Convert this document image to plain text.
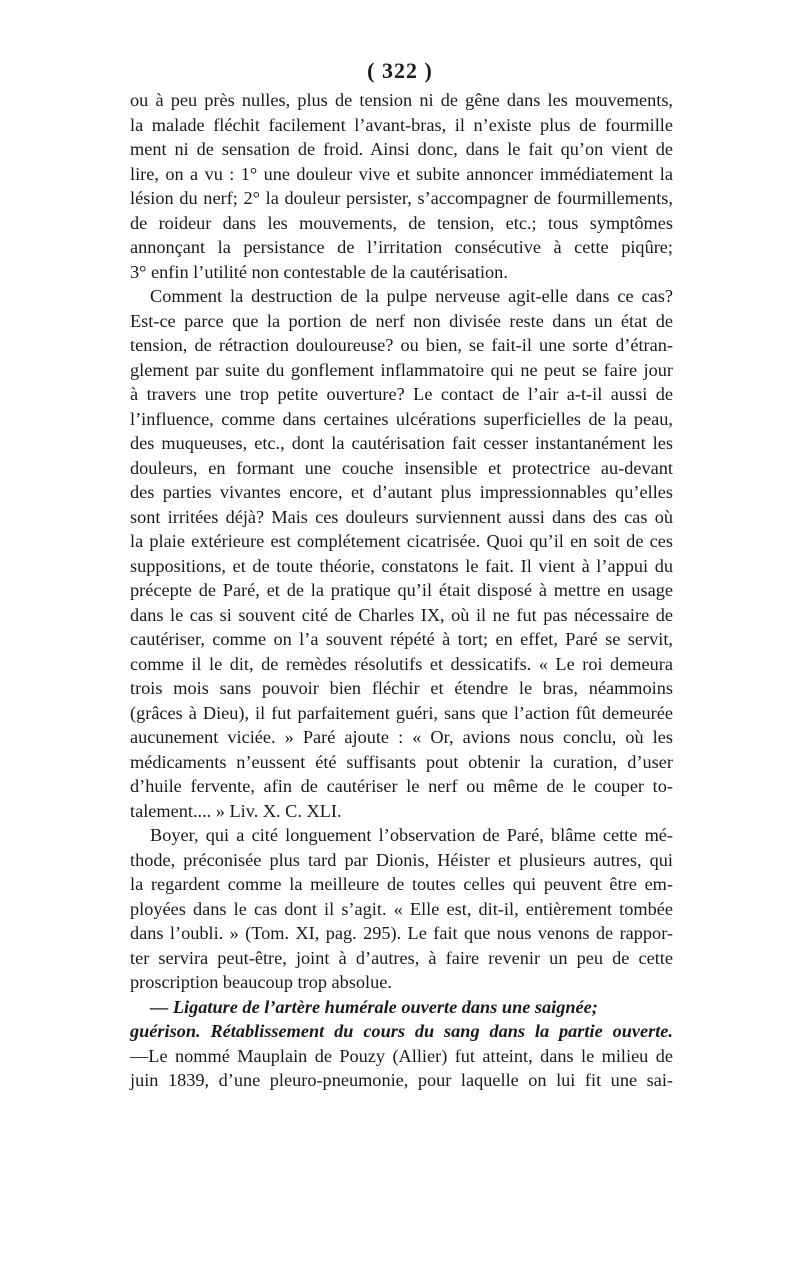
( 322 )
ou à peu près nulles, plus de tension ni de gêne dans les mouvements,
la malade fléchit facilement l’avant-bras, il n’existe plus de fourmille
ment ni de sensation de froid. Ainsi donc, dans le fait qu’on vient de
lire, on a vu : 1° une douleur vive et subite annoncer immédiatement la
lésion du nerf; 2° la douleur persister, s’accompagner de fourmillements,
de roideur dans les mouvements, de tension, etc.; tous symptômes
annonçant la persistance de l’irritation consécutive à cette piqûre;
3° enfin l’utilité non contestable de la cautérisation.
Comment la destruction de la pulpe nerveuse agit-elle dans ce cas?
Est-ce parce que la portion de nerf non divisée reste dans un état de
tension, de rétraction douloureuse? ou bien, se fait-il une sorte d’étran-
glement par suite du gonflement inflammatoire qui ne peut se faire jour
à travers une trop petite ouverture? Le contact de l’air a-t-il aussi de
l’influence, comme dans certaines ulcérations superficielles de la peau,
des muqueuses, etc., dont la cautérisation fait cesser instantanément les
douleurs, en formant une couche insensible et protectrice au-devant
des parties vivantes encore, et d’autant plus impressionnables qu’elles
sont irritées déjà? Mais ces douleurs surviennent aussi dans des cas où
la plaie extérieure est complétement cicatrisée. Quoi qu’il en soit de ces
suppositions, et de toute théorie, constatons le fait. Il vient à l’appui du
précepte de Paré, et de la pratique qu’il était disposé à mettre en usage
dans le cas si souvent cité de Charles IX, où il ne fut pas nécessaire de
cautériser, comme on l’a souvent répété à tort; en effet, Paré se servit,
comme il le dit, de remèdes résolutifs et dessicatifs. « Le roi demeura
trois mois sans pouvoir bien fléchir et étendre le bras, néammoins
(grâces à Dieu), il fut parfaitement guéri, sans que l’action fût demeurée
aucunement viciée. » Paré ajoute : « Or, avions nous conclu, où les
médicaments n’eussent été suffisants pout obtenir la curation, d’user
d’huile fervente, afin de cautériser le nerf ou même de le couper to-
talement.... » Liv. X. C. XLI.
Boyer, qui a cité longuement l’observation de Paré, blâme cette mé-
thode, préconisée plus tard par Dionis, Héister et plusieurs autres, qui
la regardent comme la meilleure de toutes celles qui peuvent être em-
ployées dans le cas dont il s’agit. « Elle est, dit-il, entièrement tombée
dans l’oubli. » (Tom. XI, pag. 295). Le fait que nous venons de rappor-
ter servira peut-être, joint à d’autres, à faire revenir un peu de cette
proscription beaucoup trop absolue.
— Ligature de l’artère humérale ouverte dans une saignée;
guérison. Rétablissement du cours du sang dans la partie ouverte.
—Le nommé Mauplain de Pouzy (Allier) fut atteint, dans le milieu de
juin 1839, d’une pleuro-pneumonie, pour laquelle on lui fit une sai-
